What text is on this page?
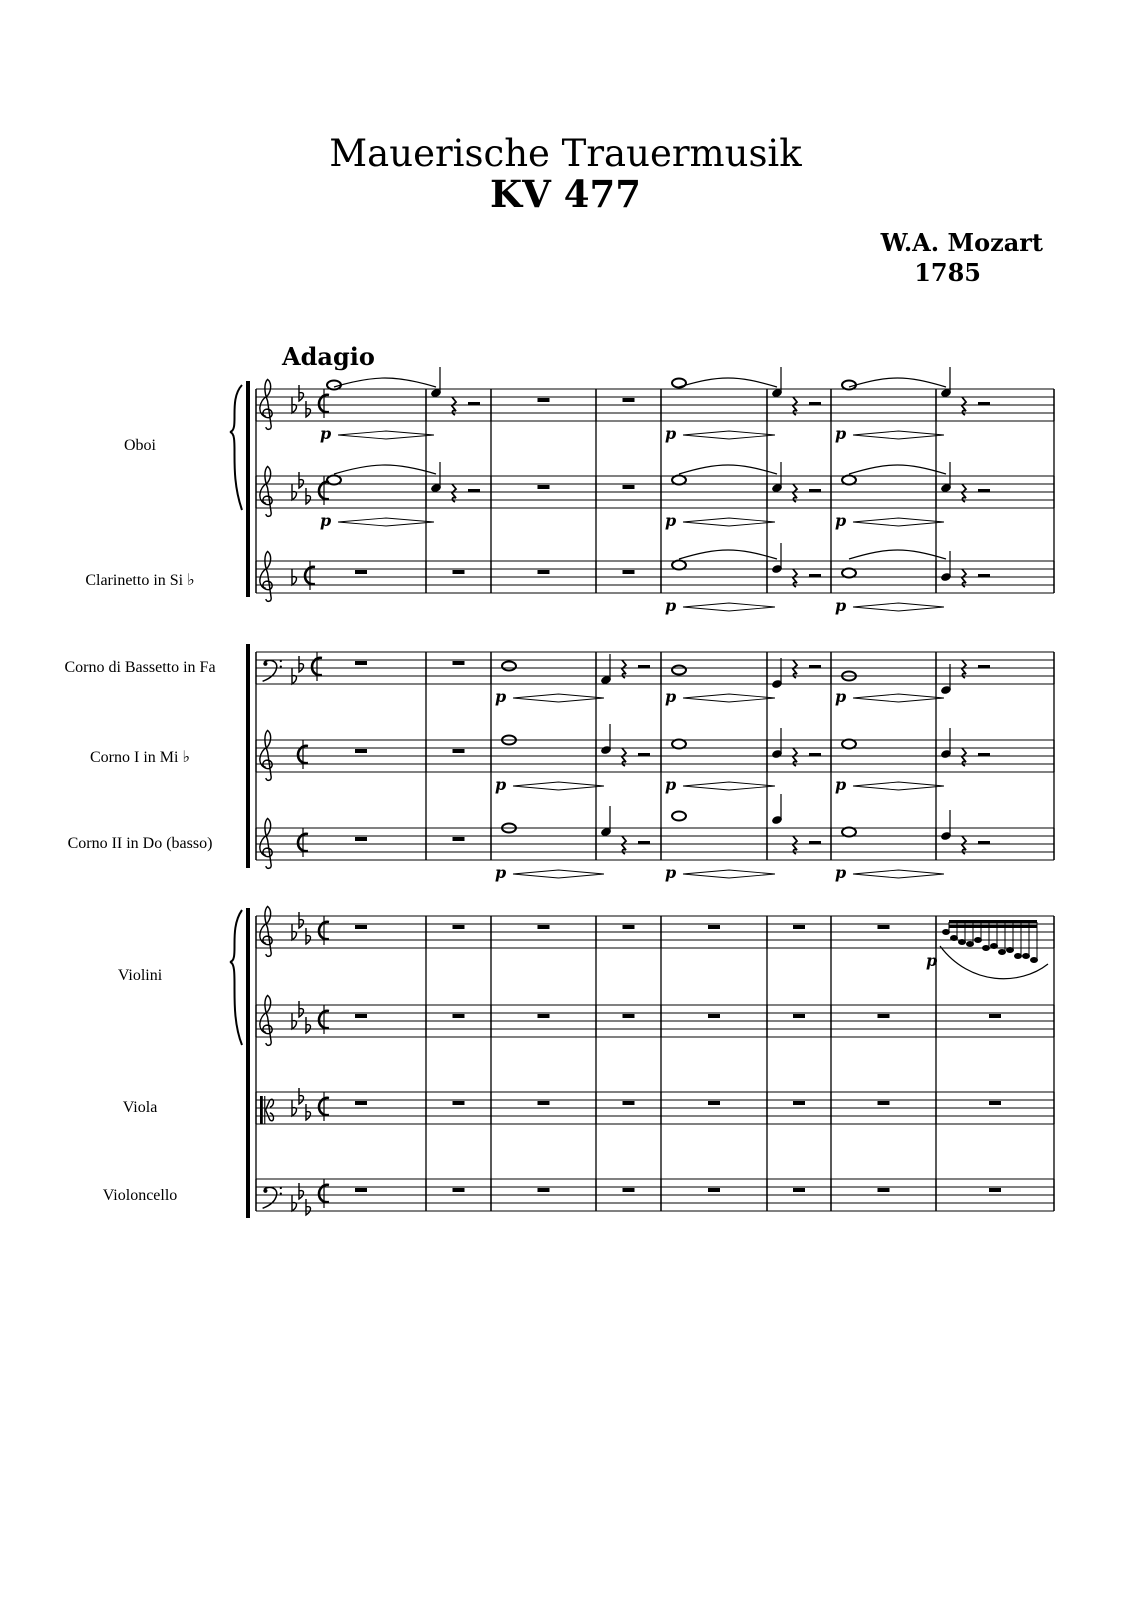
Mauerische Trauermusik
KV 477
W.A. Mozart
1785
Adagio
Oboi
Clarinetto in Si ♭
Corno di Bassetto in Fa
Corno I in Mi ♭
Corno II in Do (basso)
Violini
Viola
Violoncello
p	p	p
p	p	p
p	p
p	p	p
p	p	p
p	p	p
p
